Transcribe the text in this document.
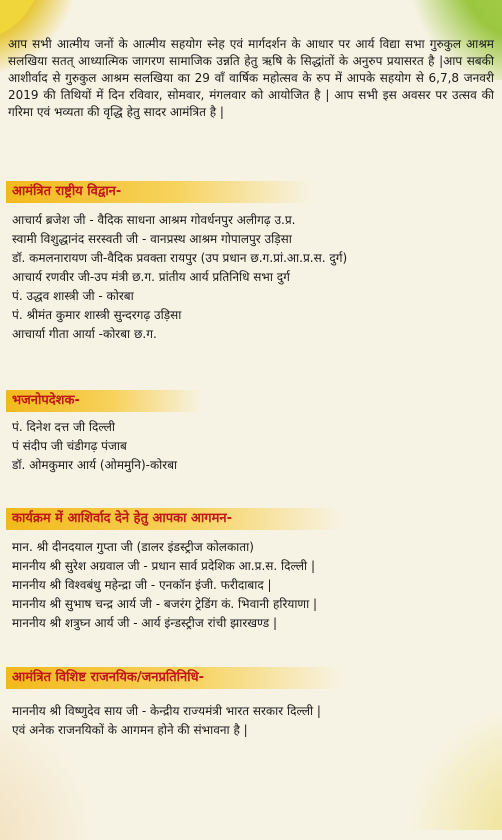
आप सभी आत्मीय जनों के आत्मीय सहयोग स्नेह एवं मार्गदर्शन के आधार पर आर्य विद्या सभा गुरुकुल आश्रम सलखिया सतत् आध्यात्मिक जागरण सामाजिक उन्नति हेतु ऋषि के सिद्धांतों के अनुरुप प्रयासरत है |आप सबकी आशीर्वाद से गुरुकुल आश्रम सलखिया का 29 वाँ वार्षिक महोत्सव के रुप में आपके सहयोग से 6,7,8 जनवरी 2019 की तिथियों में दिन रविवार, सोमवार, मंगलवार को आयोजित है | आप सभी इस अवसर पर उत्सव की गरिमा एवं भव्यता की वृद्धि हेतु सादर आमंत्रित है |

आमंत्रित राष्ट्रीय विद्वान-
आचार्य ब्रजेश जी - वैदिक साधना आश्रम गोवर्धनपुर अलीगढ़ उ.प्र.
स्वामी विशुद्धानंद सरस्वती जी - वानप्रस्थ आश्रम गोपालपुर उड़िसा
डॉ. कमलनारायण जी-वैदिक प्रवक्ता रायपुर (उप प्रधान छ.ग.प्रां.आ.प्र.स. दुर्ग)
आचार्य रणवीर जी-उप मंत्री छ.ग. प्रांतीय आर्य प्रतिनिधि सभा दुर्ग
पं. उद्धव शास्त्री जी - कोरबा
पं. श्रीमंत कुमार शास्त्री सुन्दरगढ़ उड़िसा
आचार्या गीता आर्या -कोरबा छ.ग.
भजनोपदेशक-
पं. दिनेश दत्त जी दिल्ली
पं संदीप जी चंडीगढ़ पंजाब
डॉ. ओमकुमार आर्य (ओममुनि)-कोरबा
कार्यक्रम में आशिर्वाद देने हेतु आपका आगमन-
मान. श्री दीनदयाल गुप्ता जी (डालर इंडस्ट्रीज कोलकाता)
माननीय श्री सुरेश अग्रवाल जी - प्रधान सार्व प्रदेशिक आ.प्र.स. दिल्ली |
माननीय श्री विश्वबंधु महेन्द्रा जी - एनकॉन इंजी. फरीदाबाद |
माननीय श्री सुभाष चन्द्र आर्य जी - बजरंग ट्रेडिंग कं. भिवानी हरियाणा |
माननीय श्री शत्रुघ्न आर्य जी - आर्य इंन्डस्ट्रीज रांची झारखण्ड |
आमंत्रित विशिष्ट राजनयिक/जनप्रतिनिधि-
माननीय श्री विष्णुदेव साय जी - केन्द्रीय राज्यमंत्री भारत सरकार दिल्ली |
एवं अनेक राजनयिकों के आगमन होने की संभावना है |
